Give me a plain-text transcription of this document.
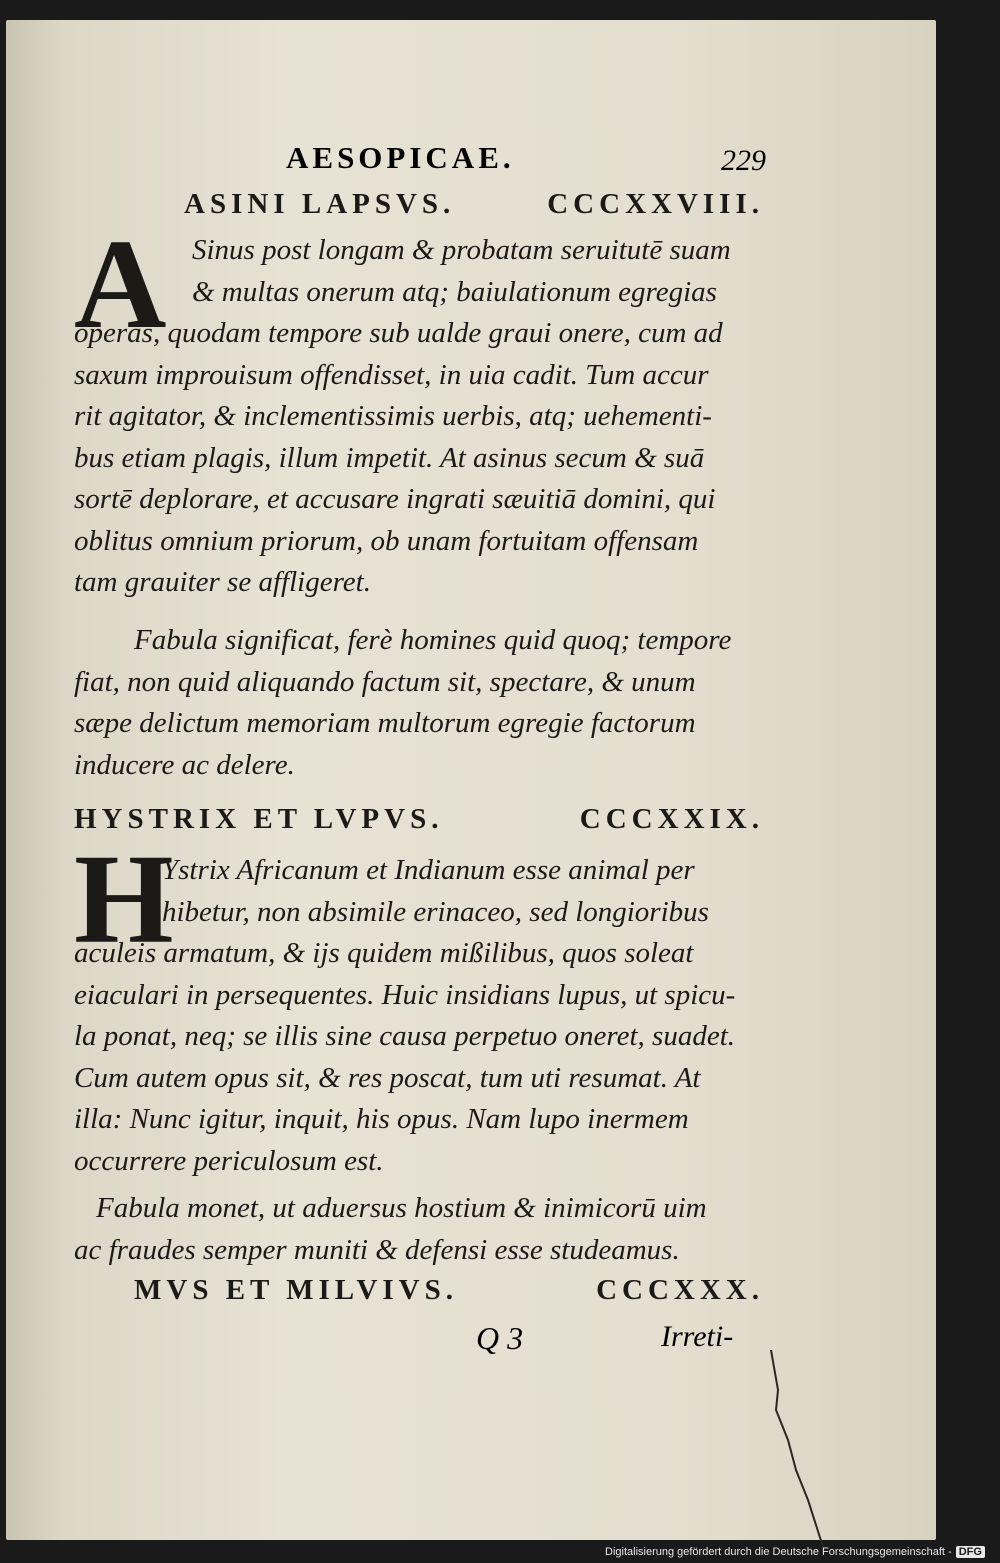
AESOPICAE.	229
ASINI LAPSVS.	CCCXXVIII.
A Sinus post longam & probatam seruitutē suam
& multas onerum atq; baiulationum egregias
operas, quodam tempore sub ualde graui onere, cum ad
saxum improuisum offendisset, in uia cadit. Tum accur
rit agitator, & inclementissimis uerbis, atq; uehementi-
bus etiam plagis, illum impetit. At asinus secum & suā
sortē deplorare, et accusare ingrati sæuitiā domini, qui
oblitus omnium priorum, ob unam fortuitam offensam
tam grauiter se affligeret.
Fabula significat, ferè homines quid quoq; tempore
fiat, non quid aliquando factum sit, spectare, & unum
sæpe delictum memoriam multorum egregie factorum
inducere ac delere.
HYSTRIX ET LVPVS.	CCCXXIX.
H
Ystrix Africanum et Indianum esse animal per
hibetur, non absimile erinaceo, sed longioribus
aculeis armatum, & ijs quidem mißilibus, quos soleat
eiaculari in persequentes. Huic insidians lupus, ut spicu-
la ponat, neq; se illis sine causa perpetuo oneret, suadet.
Cum autem opus sit, & res poscat, tum uti resumat. At
illa: Nunc igitur, inquit, his opus. Nam lupo inermem
occurrere periculosum est.
Fabula monet, ut aduersus hostium & inimicorū uim
ac fraudes semper muniti & defensi esse studeamus.
MVS ET MILVIVS.	CCCXXX.

Q 3	Irreti-
Digitalisierung gefördert durch die Deutsche Forschungsgemeinschaft - DFG
